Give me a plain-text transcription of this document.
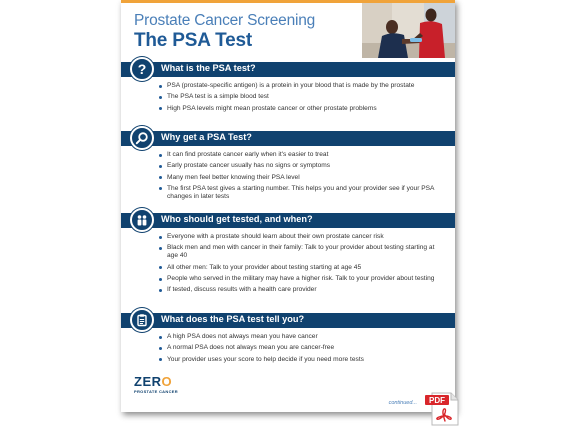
Prostate Cancer Screening
The PSA Test
What is the PSA test?
?
PSA (prostate-specific antigen) is a protein in your blood that is made by the prostate
The PSA test is a simple blood test
High PSA levels might mean prostate cancer or other prostate problems
Why get a PSA Test?
It can find prostate cancer early when it's easier to treat
Early prostate cancer usually has no signs or symptoms
Many men feel better knowing their PSA level
The first PSA test gives a starting number. This helps you and your provider see if your PSA changes in later tests
Who should get tested, and when?
Everyone with a prostate should learn about their own prostate cancer risk
Black men and men with cancer in their family: Talk to your provider about testing starting at age 40
All other men: Talk to your provider about testing starting at age 45
People who served in the military may have a higher risk. Talk to your provider about testing
If tested, discuss results with a health care provider
What does the PSA test tell you?
A high PSA does not always mean you have cancer
A normal PSA does not always mean you are cancer-free
Your provider uses your score to help decide if you need more tests
ZERO
PROSTATE CANCER
continued... PDF
